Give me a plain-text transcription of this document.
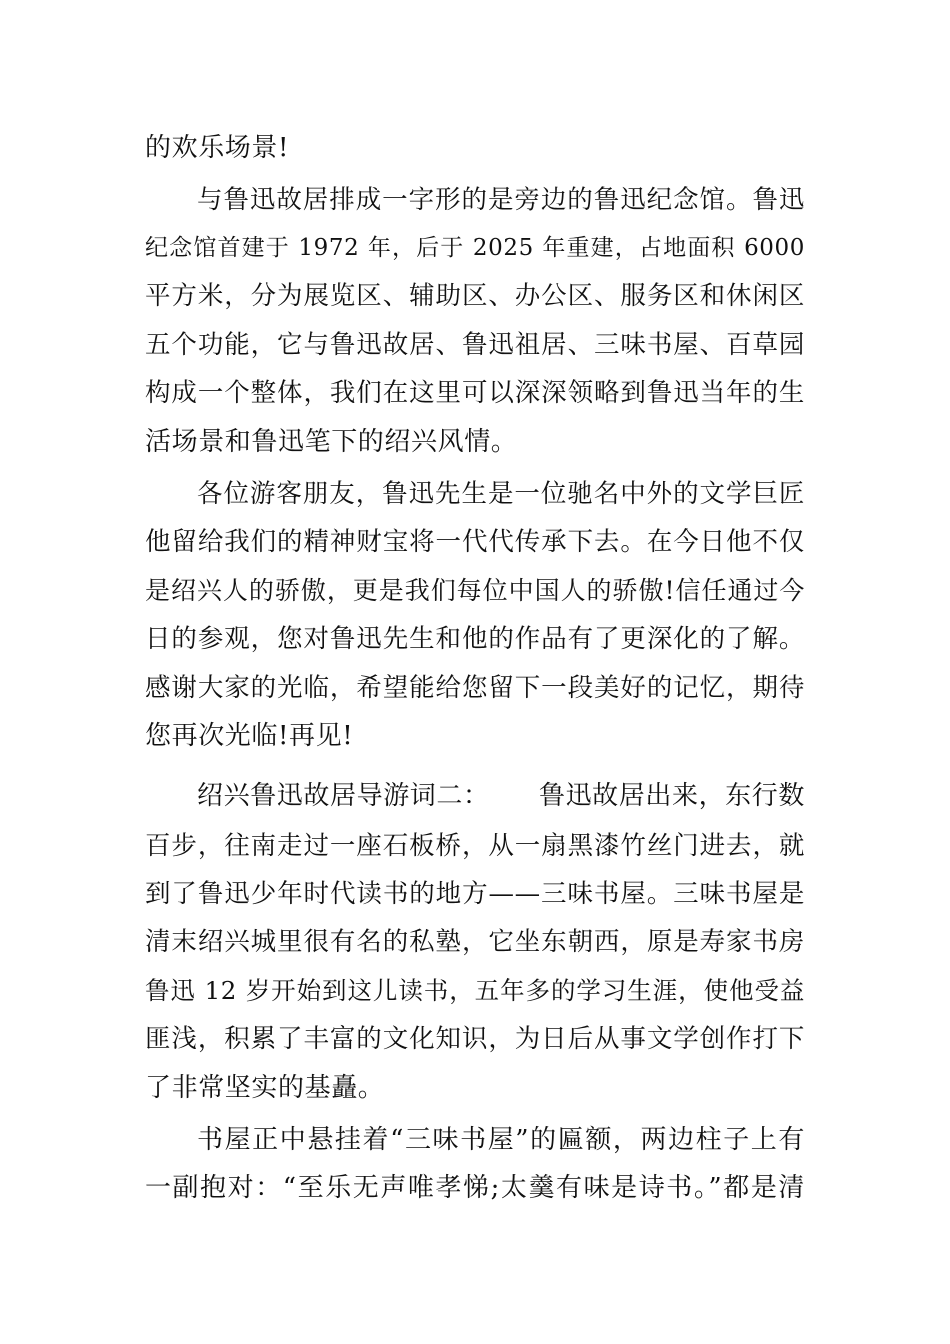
的欢乐场景!
与鲁迅故居排成一字形的是旁边的鲁迅纪念馆。鲁迅
纪念馆首建于 1972 年，后于 2025 年重建，占地面积 6000
平方米，分为展览区、辅助区、办公区、服务区和休闲区
五个功能，它与鲁迅故居、鲁迅祖居、三味书屋、百草园
构成一个整体，我们在这里可以深深领略到鲁迅当年的生
活场景和鲁迅笔下的绍兴风情。
各位游客朋友，鲁迅先生是一位驰名中外的文学巨匠
他留给我们的精神财宝将一代代传承下去。在今日他不仅
是绍兴人的骄傲，更是我们每位中国人的骄傲!信任通过今
日的参观，您对鲁迅先生和他的作品有了更深化的了解。
感谢大家的光临，希望能给您留下一段美好的记忆，期待
您再次光临!再见!
绍兴鲁迅故居导游词二： 鲁迅故居出来，东行数
百步，往南走过一座石板桥，从一扇黑漆竹丝门进去，就
到了鲁迅少年时代读书的地方——三味书屋。三味书屋是
清末绍兴城里很有名的私塾，它坐东朝西，原是寿家书房
鲁迅 12 岁开始到这儿读书，五年多的学习生涯，使他受益
匪浅，积累了丰富的文化知识，为日后从事文学创作打下
了非常坚实的基矗。
书屋正中悬挂着“三味书屋”的匾额，两边柱子上有
一副抱对：“至乐无声唯孝悌;太羹有味是诗书。”都是清
